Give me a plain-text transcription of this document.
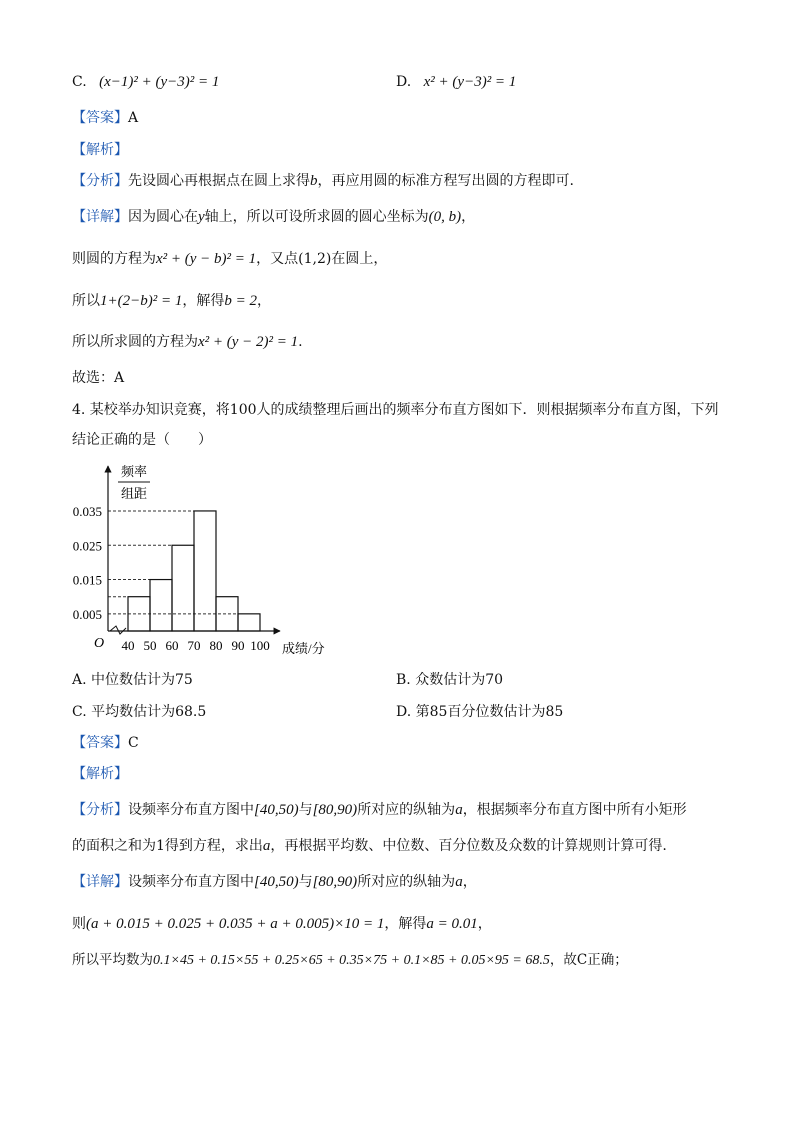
C. (x−1)² + (y−3)² = 1	D. x² + (y−3)² = 1
【答案】A
【解析】
【分析】先设圆心再根据点在圆上求得b，再应用圆的标准方程写出圆的方程即可.
【详解】因为圆心在y轴上，所以可设所求圆的圆心坐标为(0, b)，
则圆的方程为x² + (y − b)² = 1，又点(1,2)在圆上，
所以1+(2−b)² = 1，解得b = 2，
所以所求圆的方程为x² + (y − 2)² = 1.
故选：A
4. 某校举办知识竞赛，将100人的成绩整理后画出的频率分布直方图如下．则根据频率分布直方图，下列
结论正确的是（　　）
0.005
0.015
0.025
0.035
40 50 60 70 80 90 100
O
频率
组距
成绩/分
A. 中位数估计为75	B. 众数估计为70
C. 平均数估计为68.5	D. 第85百分位数估计为85
【答案】C
【解析】
【分析】设频率分布直方图中[40,50)与[80,90)所对应的纵轴为a，根据频率分布直方图中所有小矩形
的面积之和为1得到方程，求出a，再根据平均数、中位数、百分位数及众数的计算规则计算可得.
【详解】设频率分布直方图中[40,50)与[80,90)所对应的纵轴为a，
则(a + 0.015 + 0.025 + 0.035 + a + 0.005)×10 = 1，解得a = 0.01，
所以平均数为0.1×45 + 0.15×55 + 0.25×65 + 0.35×75 + 0.1×85 + 0.05×95 = 68.5，故C正确；
